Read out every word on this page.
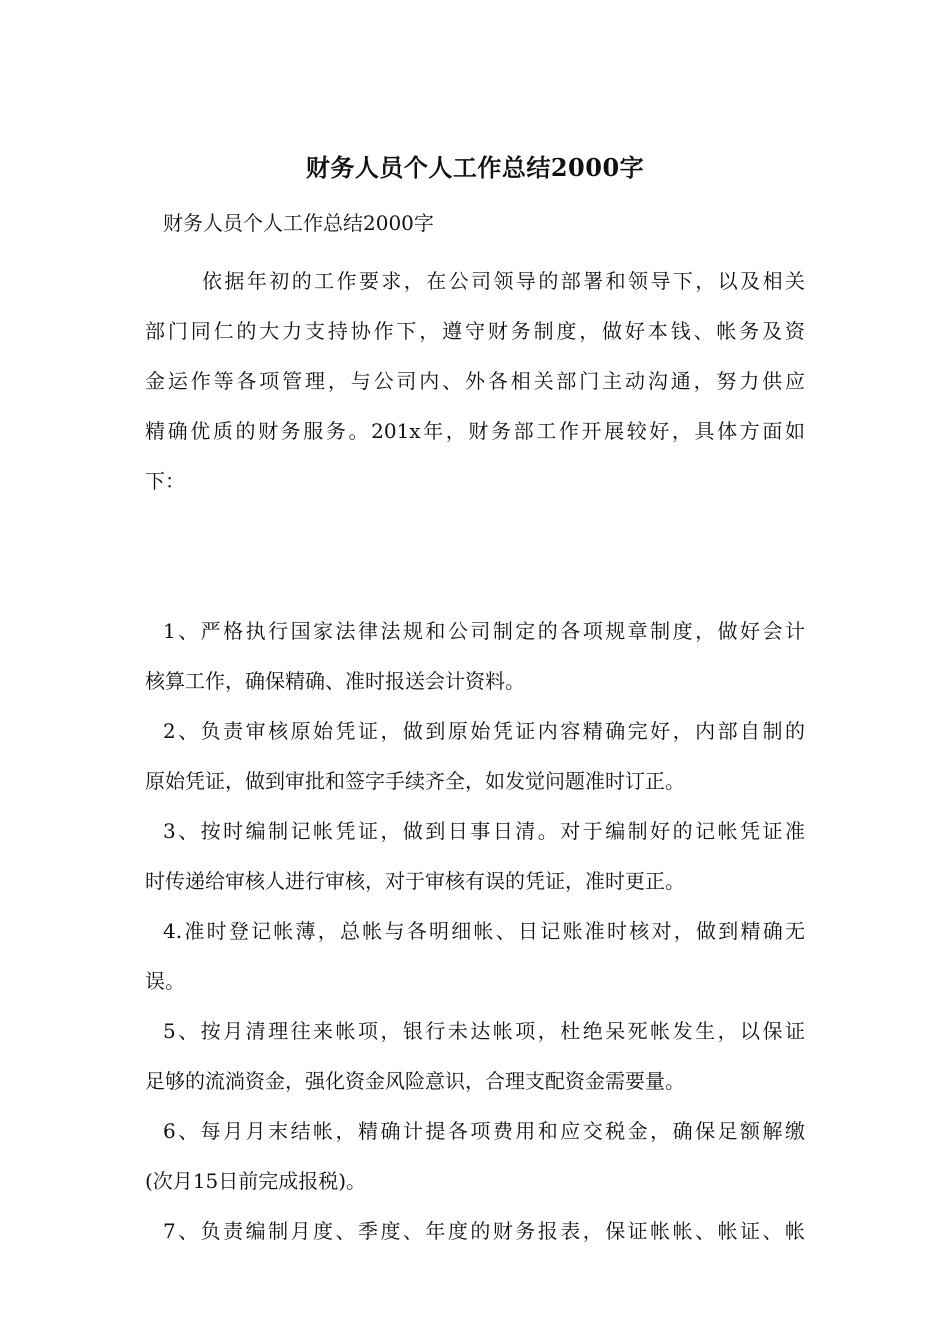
财务人员个人工作总结2000字
财务人员个人工作总结2000字
依据年初的工作要求，在公司领导的部署和领导下，以及相关
部门同仁的大力支持协作下，遵守财务制度，做好本钱、帐务及资
金运作等各项管理，与公司内、外各相关部门主动沟通，努力供应
精确优质的财务服务。201x年，财务部工作开展较好，具体方面如
下：
1、严格执行国家法律法规和公司制定的各项规章制度，做好会计
核算工作，确保精确、准时报送会计资料。
2、负责审核原始凭证，做到原始凭证内容精确完好，内部自制的
原始凭证，做到审批和签字手续齐全，如发觉问题准时订正。
3、按时编制记帐凭证，做到日事日清。对于编制好的记帐凭证准
时传递给审核人进行审核，对于审核有误的凭证，准时更正。
4.准时登记帐薄，总帐与各明细帐、日记账准时核对，做到精确无
误。
5、按月清理往来帐项，银行未达帐项，杜绝呆死帐发生，以保证
足够的流淌资金，强化资金风险意识，合理支配资金需要量。
6、每月月末结帐，精确计提各项费用和应交税金，确保足额解缴
(次月15日前完成报税)。
7、负责编制月度、季度、年度的财务报表，保证帐帐、帐证、帐
